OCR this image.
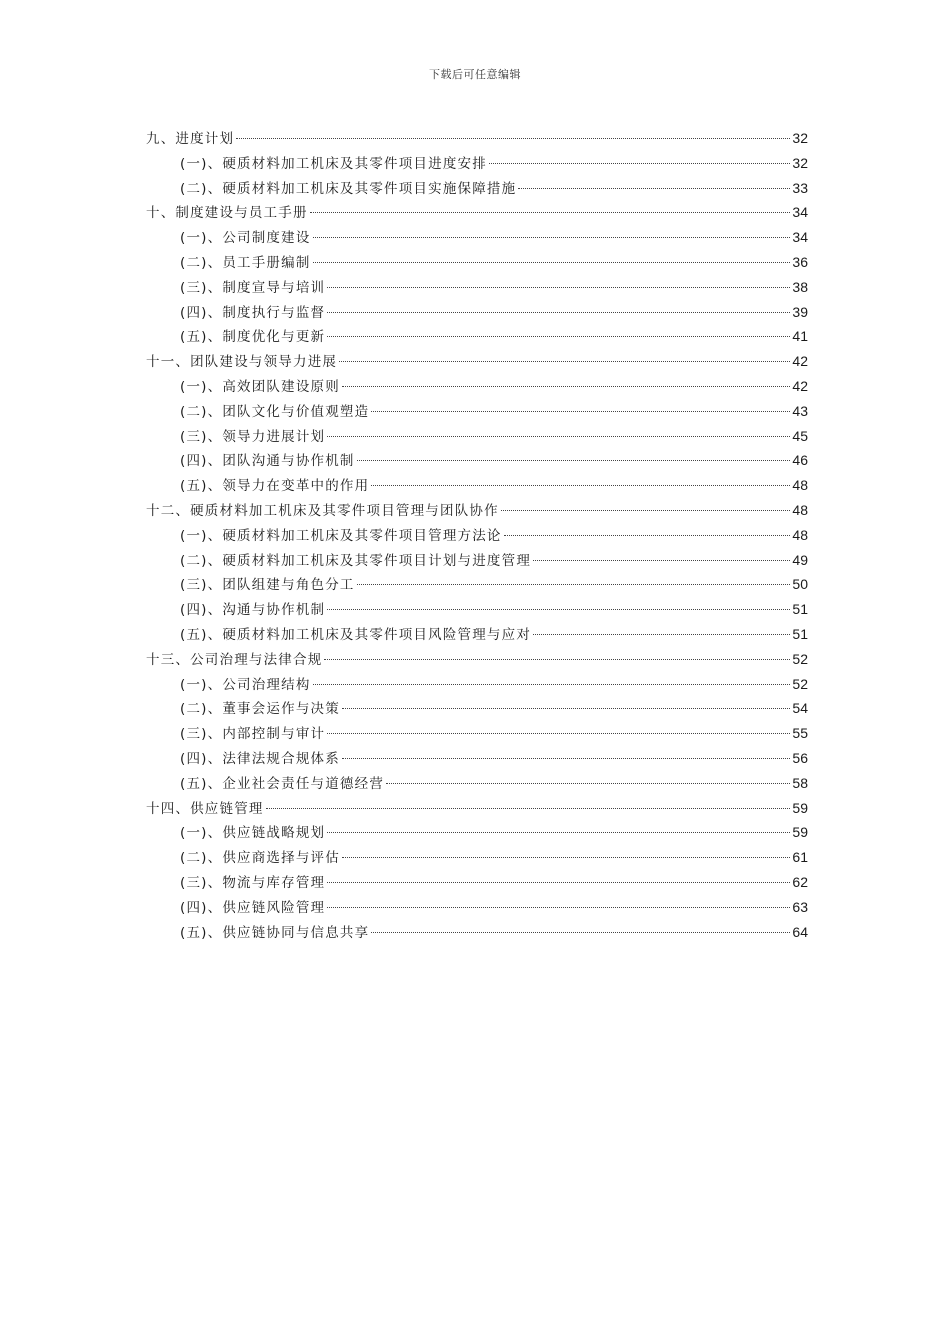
下载后可任意编辑
九、进度计划	32
(一)、硬质材料加工机床及其零件项目进度安排	32
(二)、硬质材料加工机床及其零件项目实施保障措施	33
十、制度建设与员工手册	34
(一)、公司制度建设	34
(二)、员工手册编制	36
(三)、制度宣导与培训	38
(四)、制度执行与监督	39
(五)、制度优化与更新	41
十一、团队建设与领导力进展	42
(一)、高效团队建设原则	42
(二)、团队文化与价值观塑造	43
(三)、领导力进展计划	45
(四)、团队沟通与协作机制	46
(五)、领导力在变革中的作用	48
十二、硬质材料加工机床及其零件项目管理与团队协作	48
(一)、硬质材料加工机床及其零件项目管理方法论	48
(二)、硬质材料加工机床及其零件项目计划与进度管理	49
(三)、团队组建与角色分工	50
(四)、沟通与协作机制	51
(五)、硬质材料加工机床及其零件项目风险管理与应对	51
十三、公司治理与法律合规	52
(一)、公司治理结构	52
(二)、董事会运作与决策	54
(三)、内部控制与审计	55
(四)、法律法规合规体系	56
(五)、企业社会责任与道德经营	58
十四、供应链管理	59
(一)、供应链战略规划	59
(二)、供应商选择与评估	61
(三)、物流与库存管理	62
(四)、供应链风险管理	63
(五)、供应链协同与信息共享	64
